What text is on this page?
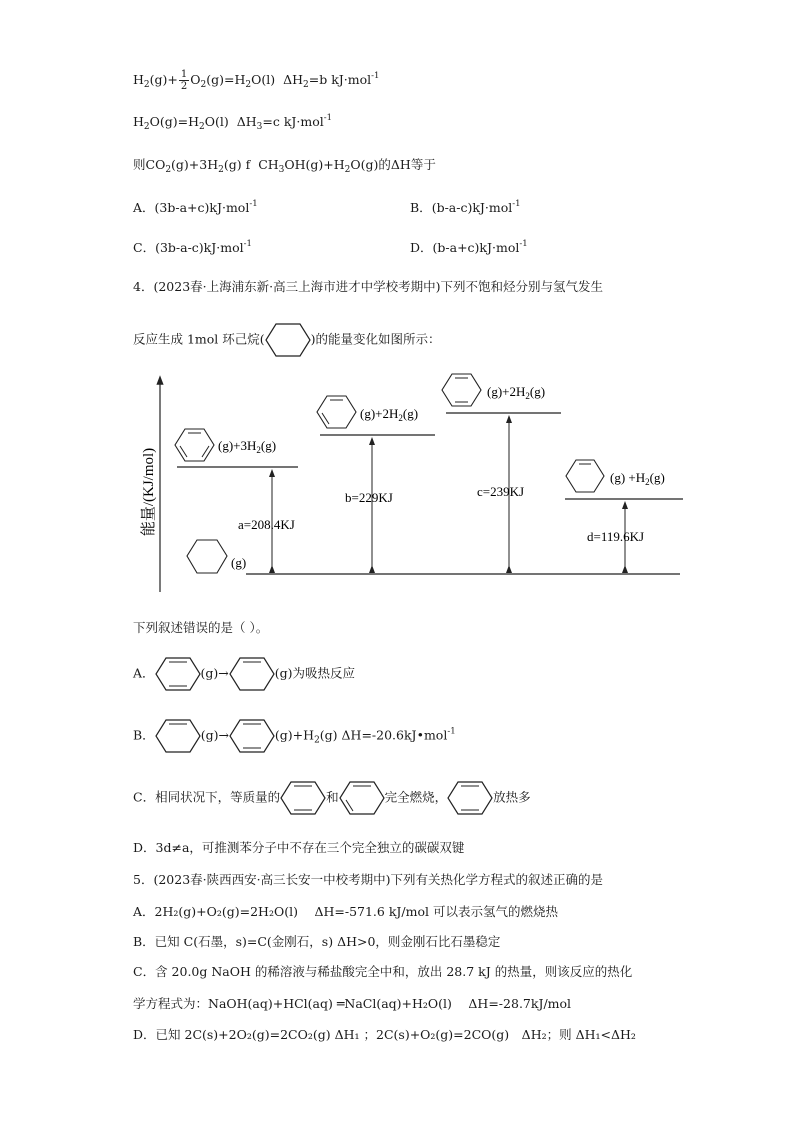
$H_2(g)+ \frac{1}{2} O_2(g)=H_2O(l)$ $\Delta H_2=b$ kJ·mol$^{-1}$
$H_2O(g)=H_2O(l)$ $\Delta H_3=c$ kJ·mol$^{-1}$
则$CO_2(g)+3H_2(g)$ f $CH_3OH(g)+H_2O(g)$的ΔH等于
A．(3b-a+c)kJ·mol$^{-1}$	B．(b-a-c)kJ·mol$^{-1}$
C．(3b-a-c)kJ·mol$^{-1}$	D．(b-a+c)kJ·mol$^{-1}$
4．(2023春·上海浦东新·高三上海市进才中学校考期中)下列不饱和烃分别与氢气发生
反应生成 1mol 环己烷(	)的能量变化如图所示：
能量/(KJ/mol)
(g)
$(g)+3H_2(g)$
a=208.4KJ
$(g)+2H_2(g)$
b=229KJ
$(g)+2H_2(g)$
c=239KJ
$(g) +H_2(g)$
d=119.6KJ
下列叙述错误的是（ ）。
A．	(g)→	(g)为吸热反应
B．	(g)→	$(g)+H_2(g)$ ΔH=-20.6kJ•mol$^{-1}$
C．相同状况下，等质量的	和	完全燃烧，	放热多
D．3d≠a，可推测苯分子中不存在三个完全独立的碳碳双键
5．(2023春·陕西西安·高三长安一中校考期中)下列有关热化学方程式的叙述正确的是
A．2H₂(g)+O₂(g)=2H₂O(l)　 ΔH=-571.6 kJ/mol 可以表示氢气的燃烧热
B．已知 C(石墨，s)=C(金刚石，s) ΔH>0，则金刚石比石墨稳定
C．含 20.0g NaOH 的稀溶液与稀盐酸完全中和，放出 28.7 kJ 的热量，则该反应的热化
学方程式为：NaOH(aq)+HCl(aq) ═NaCl(aq)+H₂O(l)　 ΔH=-28.7kJ/mol
D．已知 2C(s)+2O₂(g)=2CO₂(g) ΔH₁ ；2C(s)+O₂(g)=2CO(g)　ΔH₂；则 ΔH₁<ΔH₂
